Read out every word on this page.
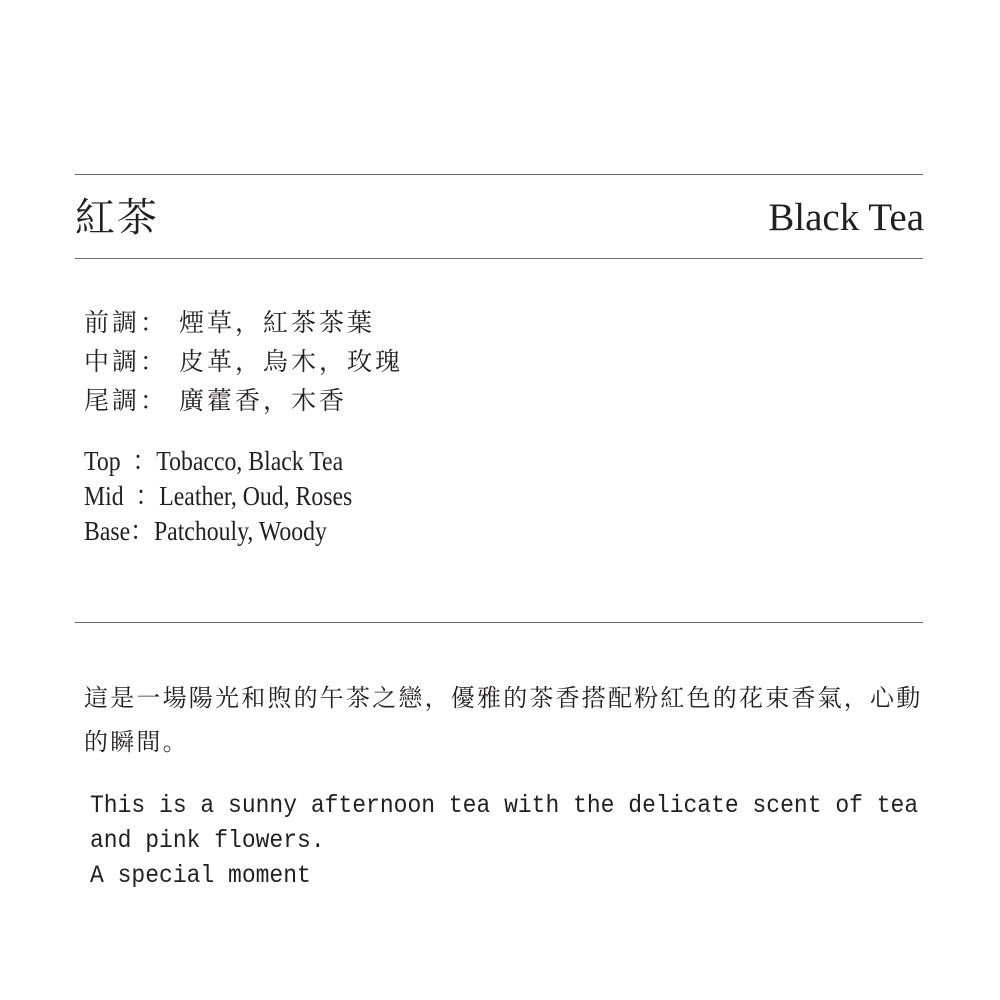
紅茶	Black Tea
前調： 煙草，紅茶茶葉
中調： 皮革，烏木，玫瑰
尾調： 廣藿香，木香
Top  ：Tobacco, Black Tea
Mid  ：Leather, Oud, Roses
Base：Patchouly, Woody
這是一場陽光和煦的午茶之戀，優雅的茶香搭配粉紅色的花束香氣，心動的瞬間。
This is a sunny afternoon tea with the delicate scent of tea
and pink flowers.
A special moment
